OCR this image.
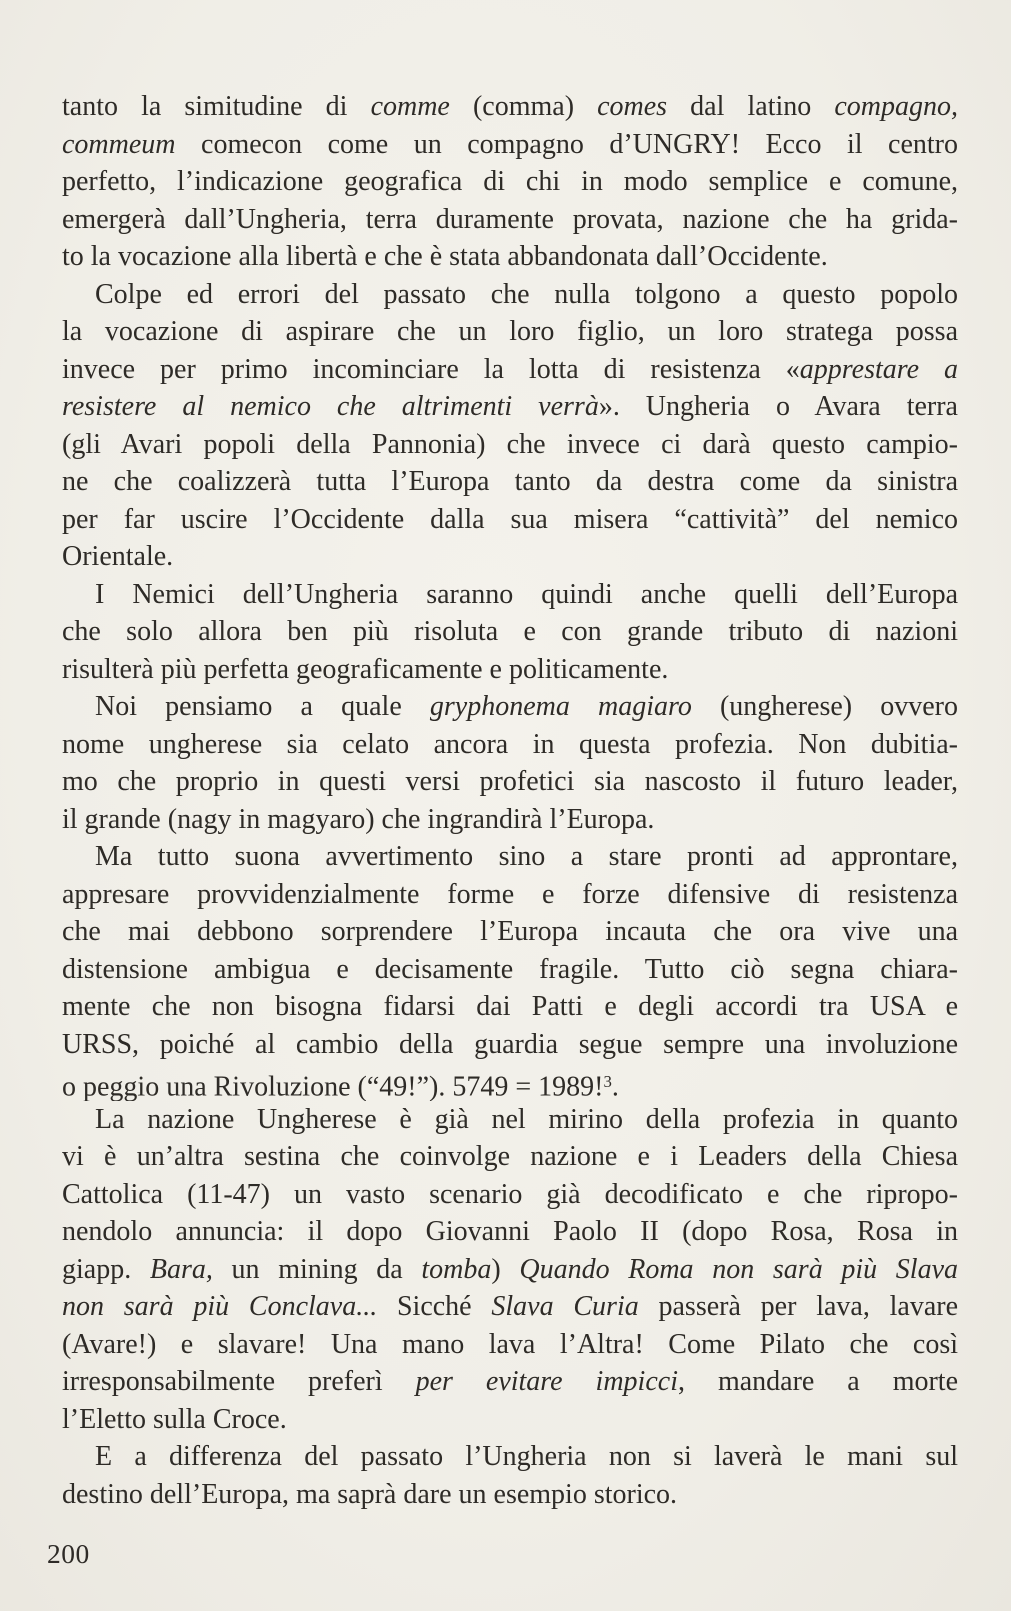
tanto la simitudine di comme (comma) comes dal latino compagno,
commeum comecon come un compagno d’UNGRY! Ecco il centro
perfetto, l’indicazione geografica di chi in modo semplice e comune,
emergerà dall’Ungheria, terra duramente provata, nazione che ha grida-
to la vocazione alla libertà e che è stata abbandonata dall’Occidente.
Colpe ed errori del passato che nulla tolgono a questo popolo
la vocazione di aspirare che un loro figlio, un loro stratega possa
invece per primo incominciare la lotta di resistenza «apprestare a
resistere al nemico che altrimenti verrà». Ungheria o Avara terra
(gli Avari popoli della Pannonia) che invece ci darà questo campio-
ne che coalizzerà tutta l’Europa tanto da destra come da sinistra
per far uscire l’Occidente dalla sua misera “cattività” del nemico
Orientale.
I Nemici dell’Ungheria saranno quindi anche quelli dell’Europa
che solo allora ben più risoluta e con grande tributo di nazioni
risulterà più perfetta geograficamente e politicamente.
Noi pensiamo a quale gryphonema magiaro (ungherese) ovvero
nome ungherese sia celato ancora in questa profezia. Non dubitia-
mo che proprio in questi versi profetici sia nascosto il futuro leader,
il grande (nagy in magyaro) che ingrandirà l’Europa.
Ma tutto suona avvertimento sino a stare pronti ad approntare,
appresare provvidenzialmente forme e forze difensive di resistenza
che mai debbono sorprendere l’Europa incauta che ora vive una
distensione ambigua e decisamente fragile. Tutto ciò segna chiara-
mente che non bisogna fidarsi dai Patti e degli accordi tra USA e
URSS, poiché al cambio della guardia segue sempre una involuzione
o peggio una Rivoluzione (“49!”). 5749 = 1989!$^3$.
La nazione Ungherese è già nel mirino della profezia in quanto
vi è un’altra sestina che coinvolge nazione e i Leaders della Chiesa
Cattolica (11-47) un vasto scenario già decodificato e che ripropo-
nendolo annuncia: il dopo Giovanni Paolo II (dopo Rosa, Rosa in
giapp. Bara, un mining da tomba) Quando Roma non sarà più Slava
non sarà più Conclava... Sicché Slava Curia passerà per lava, lavare
(Avare!) e slavare! Una mano lava l’Altra! Come Pilato che così
irresponsabilmente preferì per evitare impicci, mandare a morte
l’Eletto sulla Croce.
E a differenza del passato l’Ungheria non si laverà le mani sul
destino dell’Europa, ma saprà dare un esempio storico.
200
